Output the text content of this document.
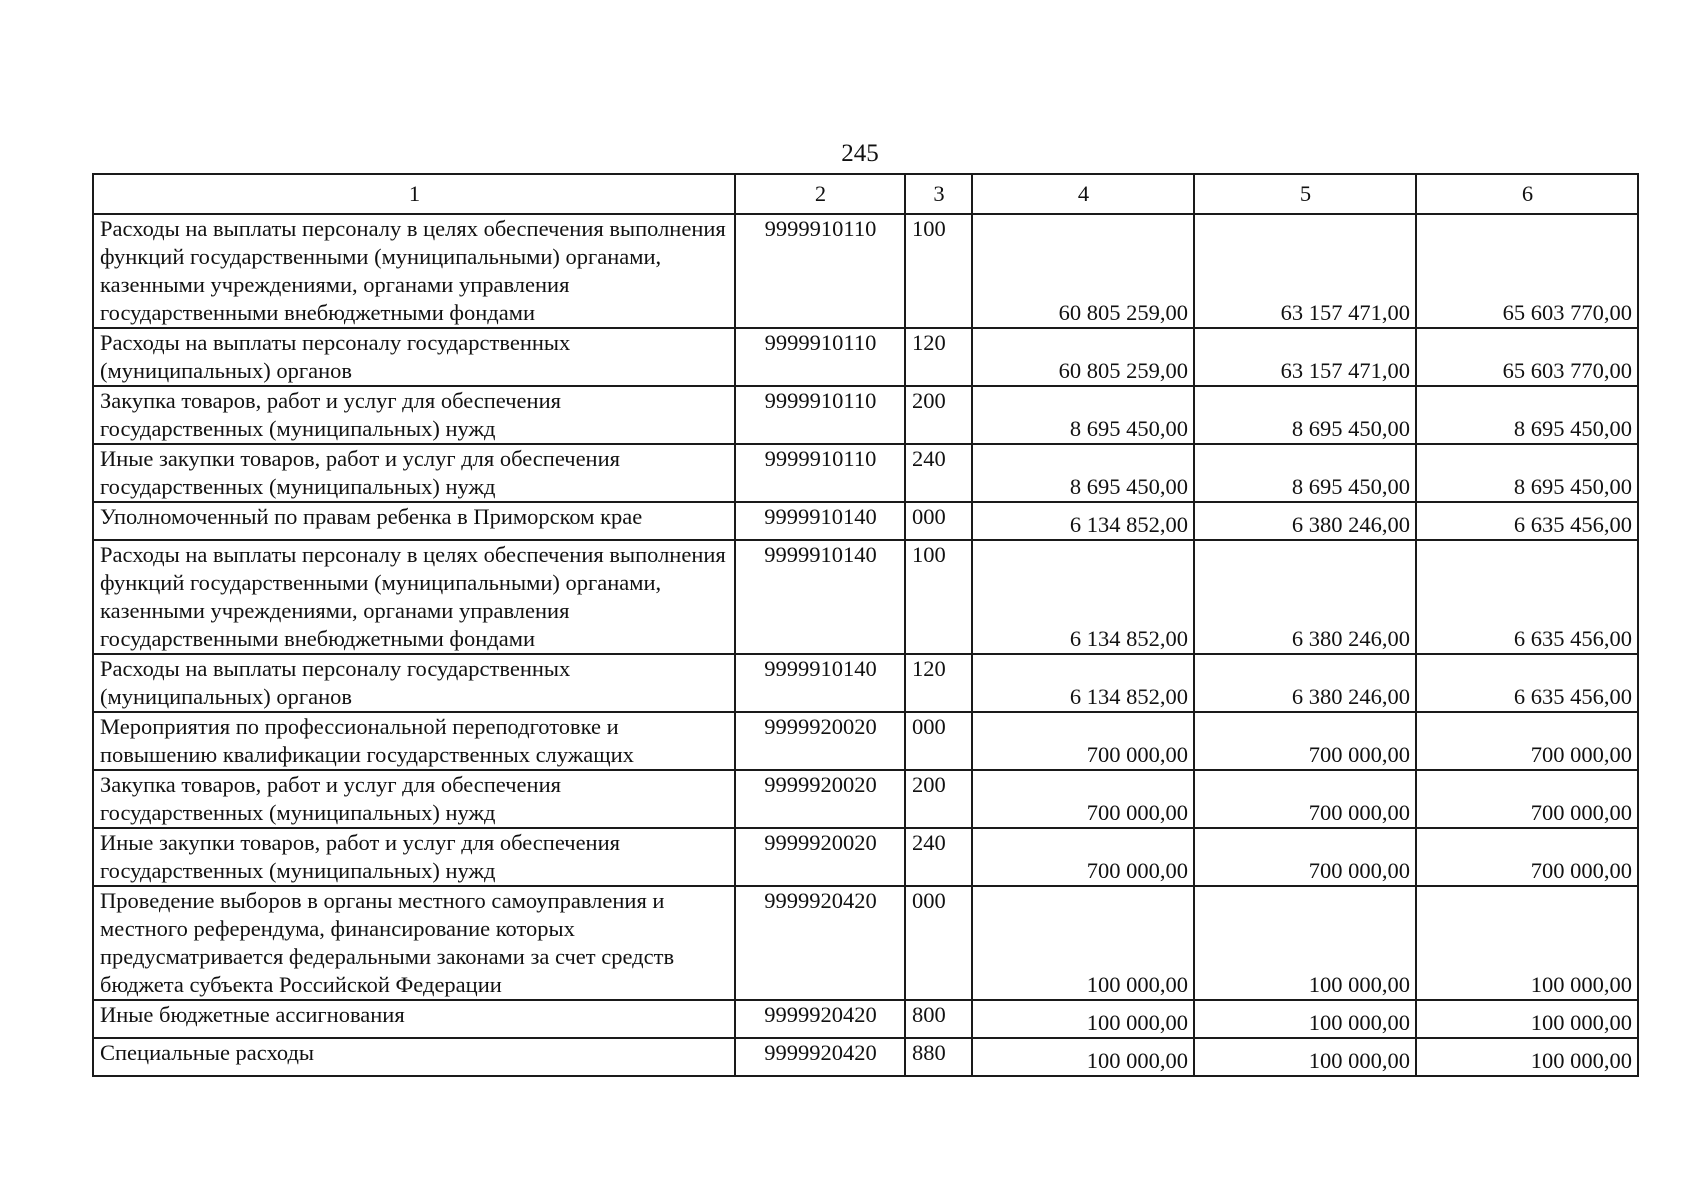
245
1	2	3	4	5	6
Расходы на выплаты персоналу в целях обеспечения выполнения функций государственными (муниципальными) органами, казенными учреждениями, органами управления государственными внебюджетными фондами	9999910110	100	60 805 259,00	63 157 471,00	65 603 770,00
Расходы на выплаты персоналу государственных (муниципальных) органов	9999910110	120	60 805 259,00	63 157 471,00	65 603 770,00
Закупка товаров, работ и услуг для обеспечения государственных (муниципальных) нужд	9999910110	200	8 695 450,00	8 695 450,00	8 695 450,00
Иные закупки товаров, работ и услуг для обеспечения государственных (муниципальных) нужд	9999910110	240	8 695 450,00	8 695 450,00	8 695 450,00
Уполномоченный по правам ребенка в Приморском крае	9999910140	000	6 134 852,00	6 380 246,00	6 635 456,00
Расходы на выплаты персоналу в целях обеспечения выполнения функций государственными (муниципальными) органами, казенными учреждениями, органами управления государственными внебюджетными фондами	9999910140	100	6 134 852,00	6 380 246,00	6 635 456,00
Расходы на выплаты персоналу государственных (муниципальных) органов	9999910140	120	6 134 852,00	6 380 246,00	6 635 456,00
Мероприятия по профессиональной переподготовке и повышению квалификации государственных служащих	9999920020	000	700 000,00	700 000,00	700 000,00
Закупка товаров, работ и услуг для обеспечения государственных (муниципальных) нужд	9999920020	200	700 000,00	700 000,00	700 000,00
Иные закупки товаров, работ и услуг для обеспечения государственных (муниципальных) нужд	9999920020	240	700 000,00	700 000,00	700 000,00
Проведение выборов в органы местного самоуправления и местного референдума, финансирование которых предусматривается федеральными законами за счет средств бюджета субъекта Российской Федерации	9999920420	000	100 000,00	100 000,00	100 000,00
Иные бюджетные ассигнования	9999920420	800	100 000,00	100 000,00	100 000,00
Специальные расходы	9999920420	880	100 000,00	100 000,00	100 000,00
